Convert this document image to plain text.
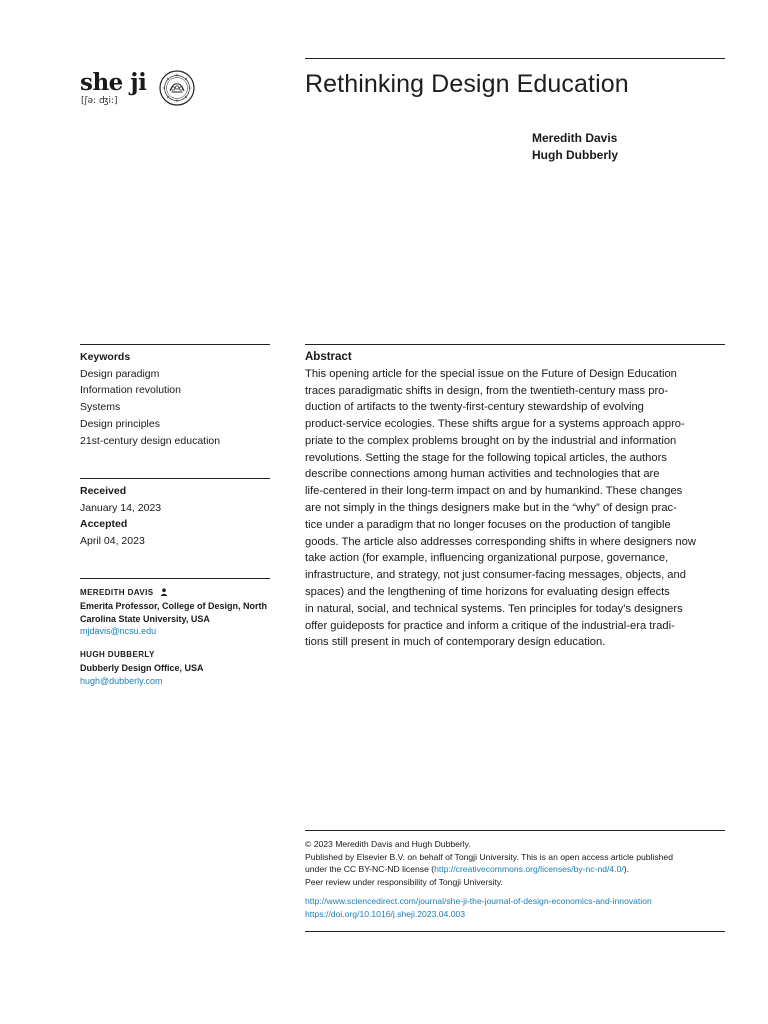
she ji
[ʃə: ʤi:]
Rethinking Design Education
Meredith Davis
Hugh Dubberly
Keywords
Design paradigm
Information revolution
Systems
Design principles
21st-century design education
Received
January 14, 2023
Accepted
April 04, 2023
MEREDITH DAVIS
Emerita Professor, College of Design, North
Carolina State University, USA
mjdavis@ncsu.edu
HUGH DUBBERLY
Dubberly Design Office, USA
hugh@dubberly.com
Abstract
This opening article for the special issue on the Future of Design Education
traces paradigmatic shifts in design, from the twentieth-century mass pro-
duction of artifacts to the twenty-first-century stewardship of evolving
product-service ecologies. These shifts argue for a systems approach appro-
priate to the complex problems brought on by the industrial and information
revolutions. Setting the stage for the following topical articles, the authors
describe connections among human activities and technologies that are
life-centered in their long-term impact on and by humankind. These changes
are not simply in the things designers make but in the “why” of design prac-
tice under a paradigm that no longer focuses on the production of tangible
goods. The article also addresses corresponding shifts in where designers now
take action (for example, influencing organizational purpose, governance,
infrastructure, and strategy, not just consumer-facing messages, objects, and
spaces) and the lengthening of time horizons for evaluating design effects
in natural, social, and technical systems. Ten principles for today’s designers
offer guideposts for practice and inform a critique of the industrial-era tradi-
tions still present in much of contemporary design education.
© 2023 Meredith Davis and Hugh Dubberly.
Published by Elsevier B.V. on behalf of Tongji University. This is an open access article published
under the CC BY-NC-ND license (http://creativecommons.org/licenses/by-nc-nd/4.0/).
Peer review under responsibility of Tongji University.
http://www.sciencedirect.com/journal/she-ji-the-journal-of-design-economics-and-innovation
https://doi.org/10.1016/j.sheji.2023.04.003
